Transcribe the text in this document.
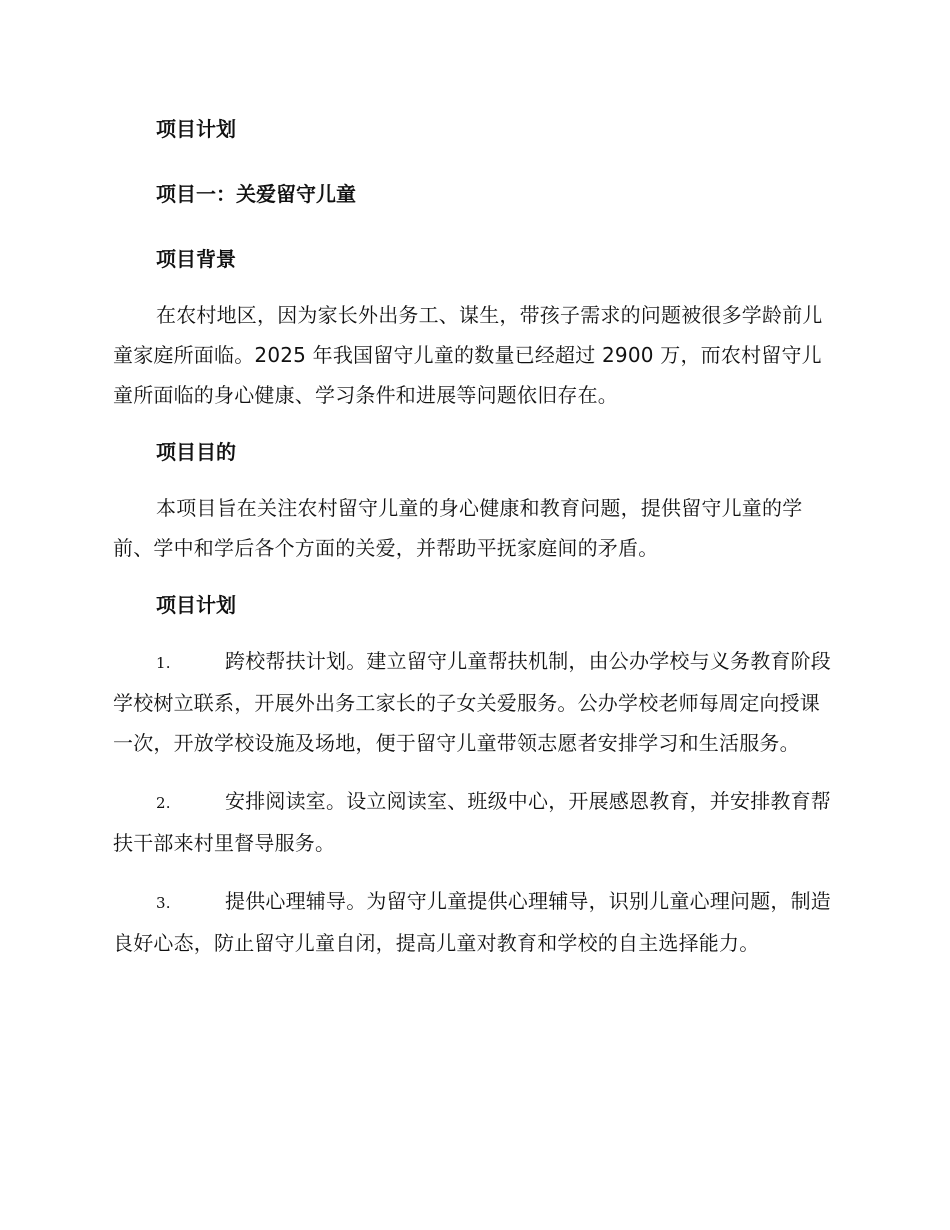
项目计划
项目一：关爱留守儿童
项目背景

在农村地区，因为家长外出务工、谋生，带孩子需求的问题被很多学龄前儿童家庭所面临。2025 年我国留守儿童的数量已经超过 2900 万，而农村留守儿童所面临的身心健康、学习条件和进展等问题依旧存在。

项目目的

本项目旨在关注农村留守儿童的身心健康和教育问题，提供留守儿童的学前、学中和学后各个方面的关爱，并帮助平抚家庭间的矛盾。

项目计划

1.	跨校帮扶计划。建立留守儿童帮扶机制，由公办学校与义务教育阶段学校树立联系，开展外出务工家长的子女关爱服务。公办学校老师每周定向授课一次，开放学校设施及场地，便于留守儿童带领志愿者安排学习和生活服务。

2.	安排阅读室。设立阅读室、班级中心，开展感恩教育，并安排教育帮扶干部来村里督导服务。

3.	提供心理辅导。为留守儿童提供心理辅导，识别儿童心理问题，制造良好心态，防止留守儿童自闭，提高儿童对教育和学校的自主选择能力。
